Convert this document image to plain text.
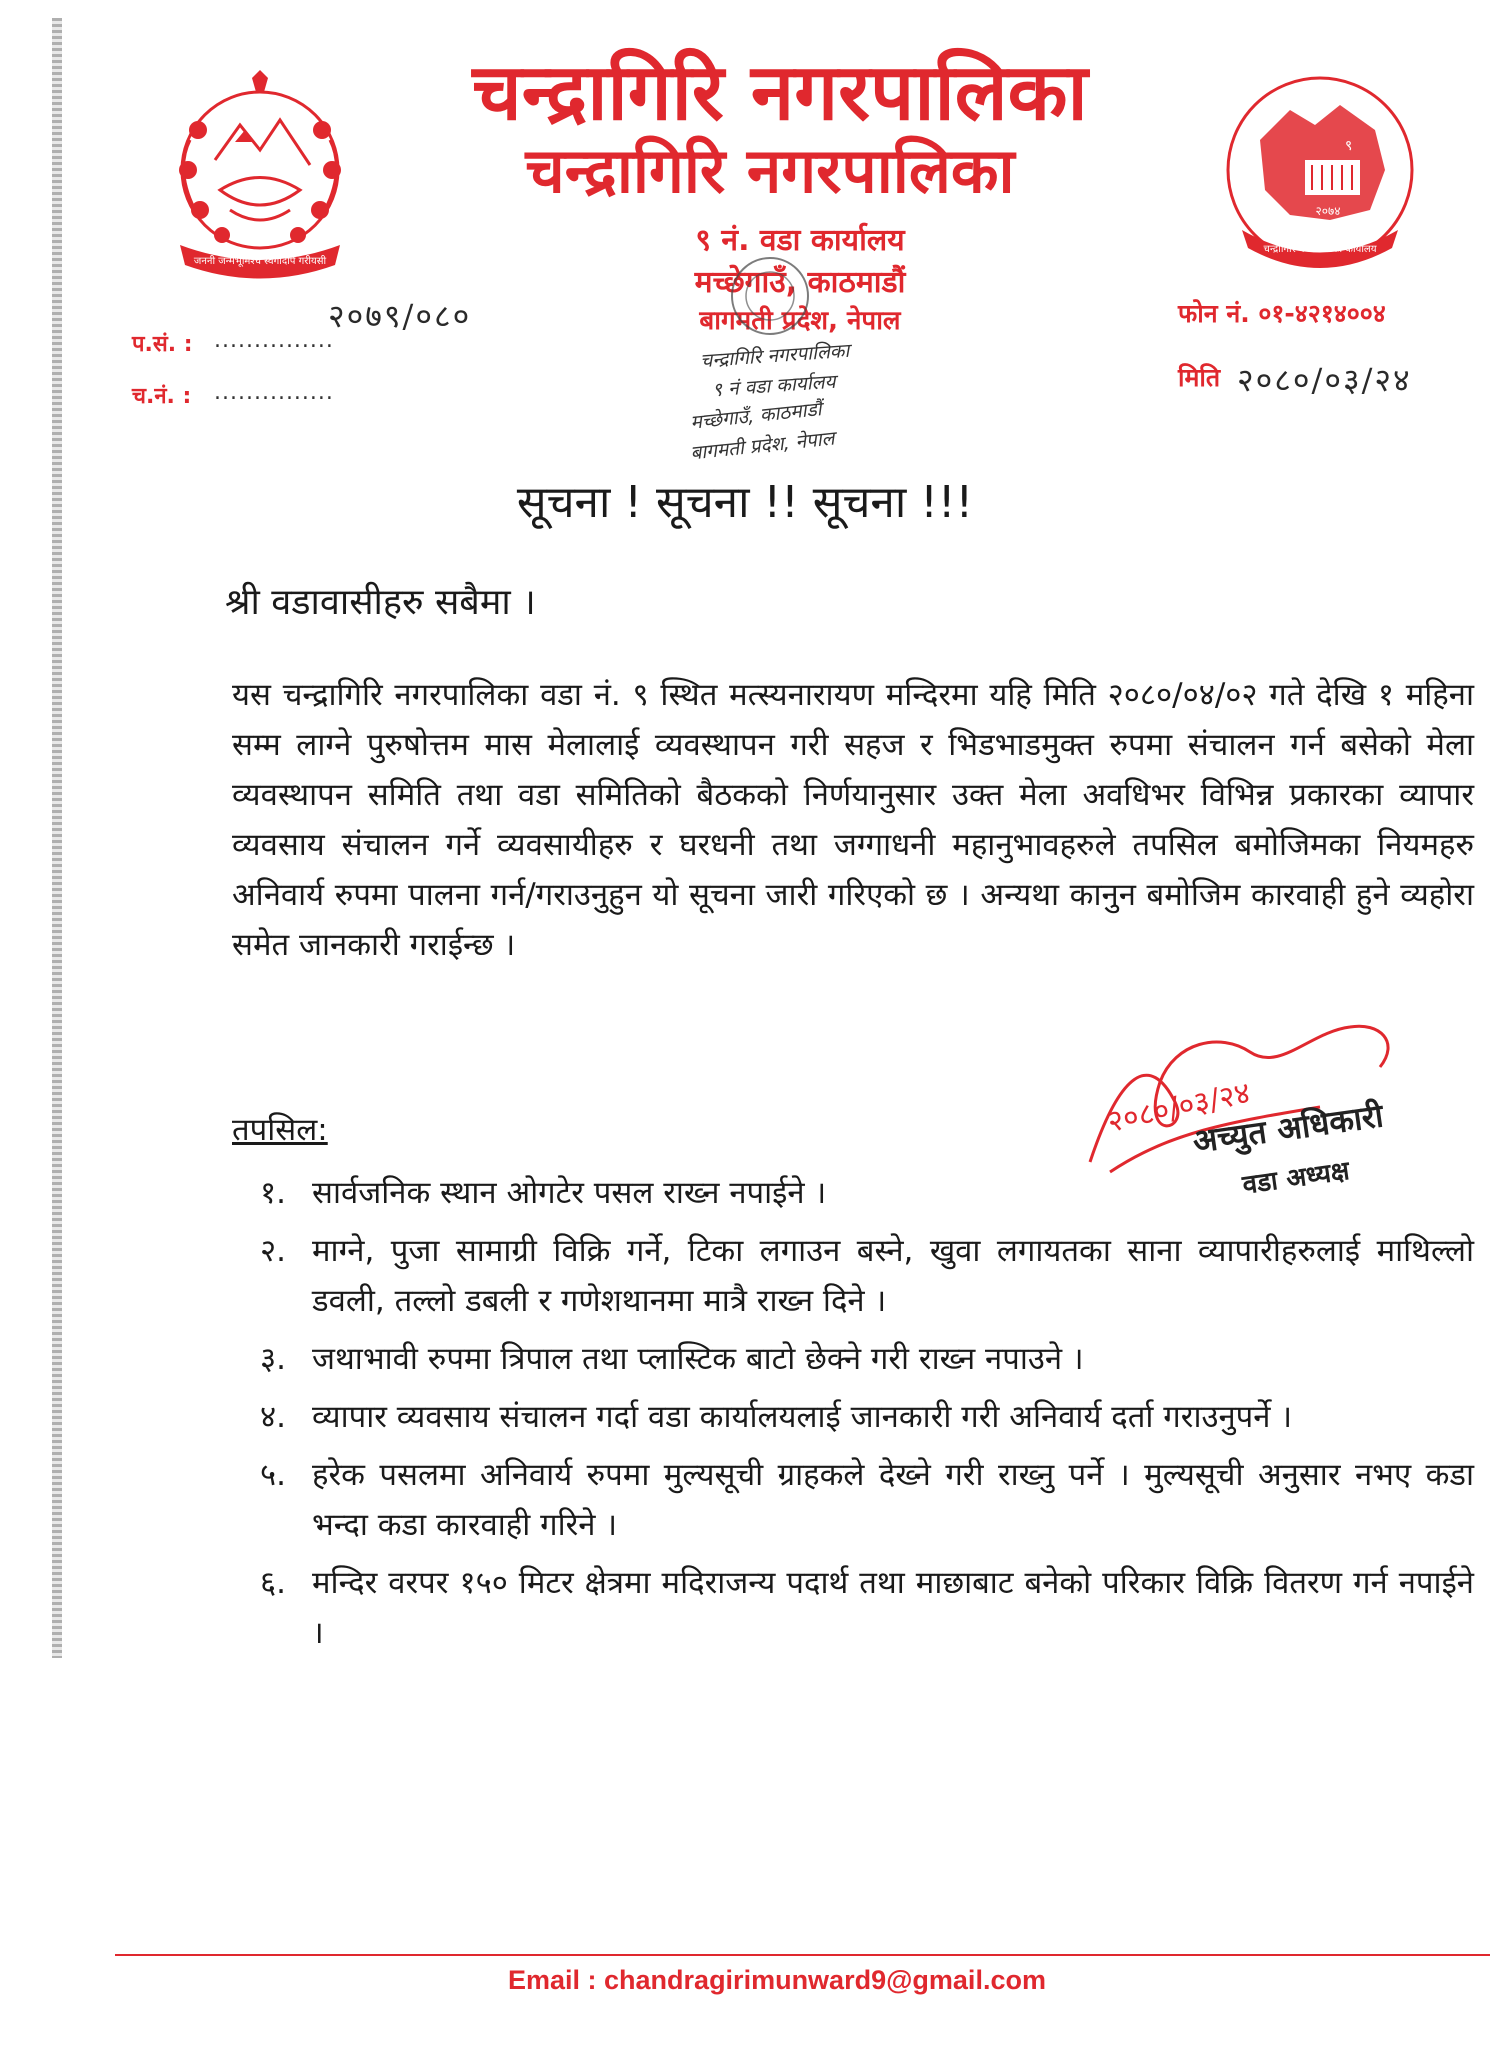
जननी जन्मभूमिश्च स्वर्गादपि गरीयसी
चन्द्रागिरि नगरपालिका
चन्द्रागिरि नगरपालिका
९ नं. वडा कार्यालय
मच्छेगाउँ, काठमाडौं
बागमती प्रदेश, नेपाल
९
२०७४
चन्द्रागिरि नगरपालिका कार्यालय
चन्द्रागिरि नगरपालिका
९ नं वडा कार्यालय
मच्छेगाउँ, काठमाडौं
बागमती प्रदेश, नेपाल
२०७९/०८०
प.सं. : ...............
च.नं. : ...............
फोन नं. ०१-४२१४००४
मिति २०८०/०३/२४
सूचना ! सूचना !! सूचना !!!
श्री वडावासीहरु सबैमा ।
यस चन्द्रागिरि नगरपालिका वडा नं. ९ स्थित मत्स्यनारायण मन्दिरमा यहि मिति २०८०/०४/०२ गते देखि १ महिना सम्म लाग्ने पुरुषोत्तम मास मेलालाई व्यवस्थापन गरी सहज र भिडभाडमुक्त रुपमा संचालन गर्न बसेको मेला व्यवस्थापन समिति तथा वडा समितिको बैठकको निर्णयानुसार उक्त मेला अवधिभर विभिन्न प्रकारका व्यापार व्यवसाय संचालन गर्ने व्यवसायीहरु र घरधनी तथा जग्गाधनी महानुभावहरुले तपसिल बमोजिमका नियमहरु अनिवार्य रुपमा पालना गर्न/गराउनुहुन यो सूचना जारी गरिएको छ । अन्यथा कानुन बमोजिम कारवाही हुने व्यहोरा समेत जानकारी गराईन्छ ।
तपसिल:	२०८०/०३/२४
अच्युत अधिकारी
वडा अध्यक्ष
१. सार्वजनिक स्थान ओगटेर पसल राख्न नपाईने ।
२. माग्ने, पुजा सामाग्री विक्रि गर्ने, टिका लगाउन बस्ने, खुवा लगायतका साना व्यापारीहरुलाई माथिल्लो डवली, तल्लो डबली र गणेशथानमा मात्रै राख्न दिने ।
३. जथाभावी रुपमा त्रिपाल तथा प्लास्टिक बाटो छेक्ने गरी राख्न नपाउने ।
४. व्यापार व्यवसाय संचालन गर्दा वडा कार्यालयलाई जानकारी गरी अनिवार्य दर्ता गराउनुपर्ने ।
५. हरेक पसलमा अनिवार्य रुपमा मुल्यसूची ग्राहकले देख्ने गरी राख्नु पर्ने । मुल्यसूची अनुसार नभए कडा भन्दा कडा कारवाही गरिने ।
६. मन्दिर वरपर १५० मिटर क्षेत्रमा मदिराजन्य पदार्थ तथा माछाबाट बनेको परिकार विक्रि वितरण गर्न नपाईने ।
Email : chandragirimunward9@gmail.com
